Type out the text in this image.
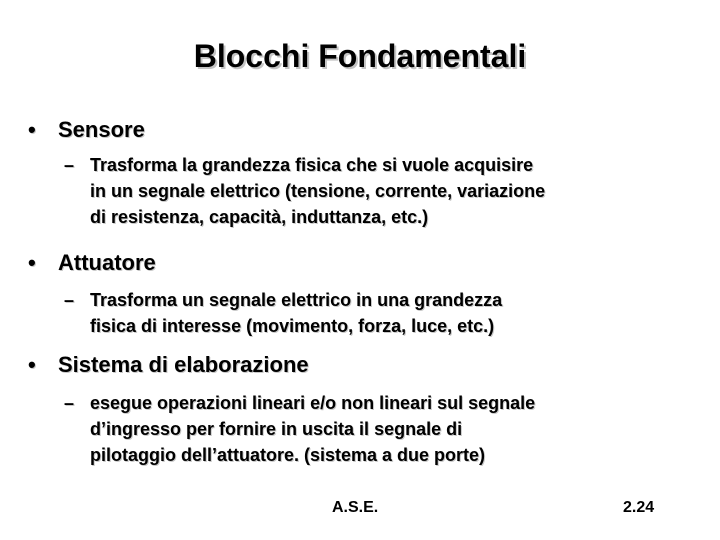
Blocchi Fondamentali
• Sensore
– Trasforma la grandezza fisica che si vuole acquisire
in un segnale elettrico (tensione, corrente, variazione
di resistenza, capacità, induttanza, etc.)
• Attuatore
– Trasforma un segnale elettrico in una grandezza
fisica di interesse (movimento, forza, luce, etc.)
• Sistema di elaborazione
– esegue operazioni lineari e/o non lineari sul segnale
d’ingresso per fornire in uscita il segnale di
pilotaggio dell’attuatore. (sistema a due porte)
A.S.E.	2.24
